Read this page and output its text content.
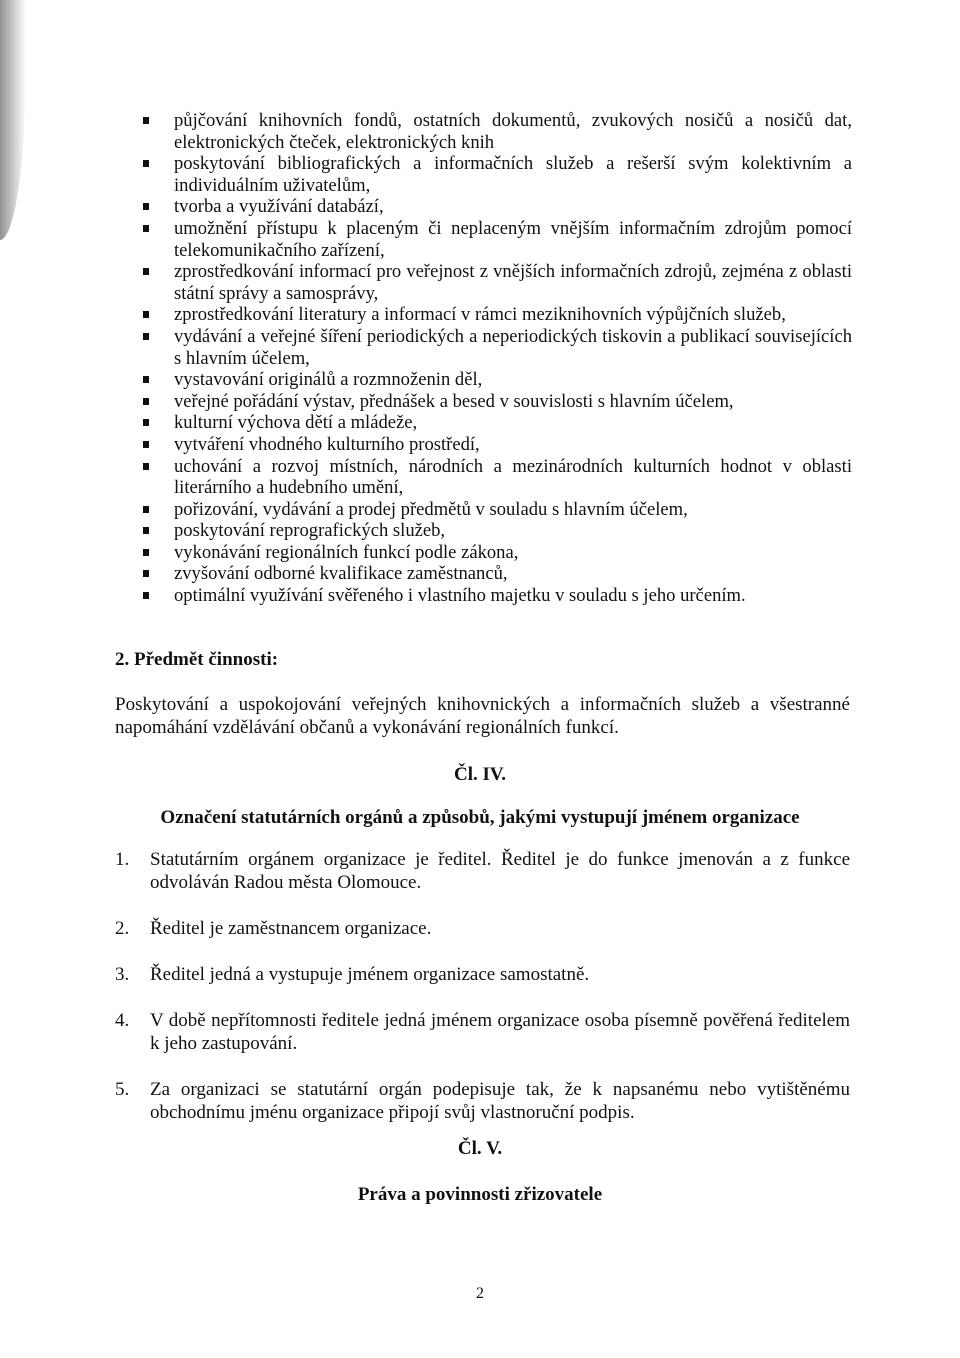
půjčování knihovních fondů, ostatních dokumentů, zvukových nosičů a nosičů dat, elektronických čteček, elektronických knih
poskytování bibliografických a informačních služeb a rešerší svým kolektivním a individuálním uživatelům,
tvorba a využívání databází,
umožnění přístupu k placeným či neplaceným vnějším informačním zdrojům pomocí telekomunikačního zařízení,
zprostředkování informací pro veřejnost z vnějších informačních zdrojů, zejména z oblasti státní správy a samosprávy,
zprostředkování literatury a informací v rámci meziknihovních výpůjčních služeb,
vydávání a veřejné šíření periodických a neperiodických tiskovin a publikací souvisejících s hlavním účelem,
vystavování originálů a rozmnoženin děl,
veřejné pořádání výstav, přednášek a besed v souvislosti s hlavním účelem,
kulturní výchova dětí a mládeže,
vytváření vhodného kulturního prostředí,
uchování a rozvoj místních, národních a mezinárodních kulturních hodnot v oblasti literárního a hudebního umění,
pořizování, vydávání a prodej předmětů v souladu s hlavním účelem,
poskytování reprografických služeb,
vykonávání regionálních funkcí podle zákona,
zvyšování odborné kvalifikace zaměstnanců,
optimální využívání svěřeného i vlastního majetku v souladu s jeho určením.
2. Předmět činnosti:
Poskytování a uspokojování veřejných knihovnických a informačních služeb a všestranné napomáhání vzdělávání občanů a vykonávání regionálních funkcí.
Čl. IV.
Označení statutárních orgánů a způsobů, jakými vystupují jménem organizace
1. Statutárním orgánem organizace je ředitel. Ředitel je do funkce jmenován a z funkce odvoláván Radou města Olomouce.
2. Ředitel je zaměstnancem organizace.
3. Ředitel jedná a vystupuje jménem organizace samostatně.
4. V době nepřítomnosti ředitele jedná jménem organizace osoba písemně pověřená ředitelem k jeho zastupování.
5. Za organizaci se statutární orgán podepisuje tak, že k napsanému nebo vytištěnému obchodnímu jménu organizace připojí svůj vlastnoruční podpis.
Čl. V.
Práva a povinnosti zřizovatele
2
